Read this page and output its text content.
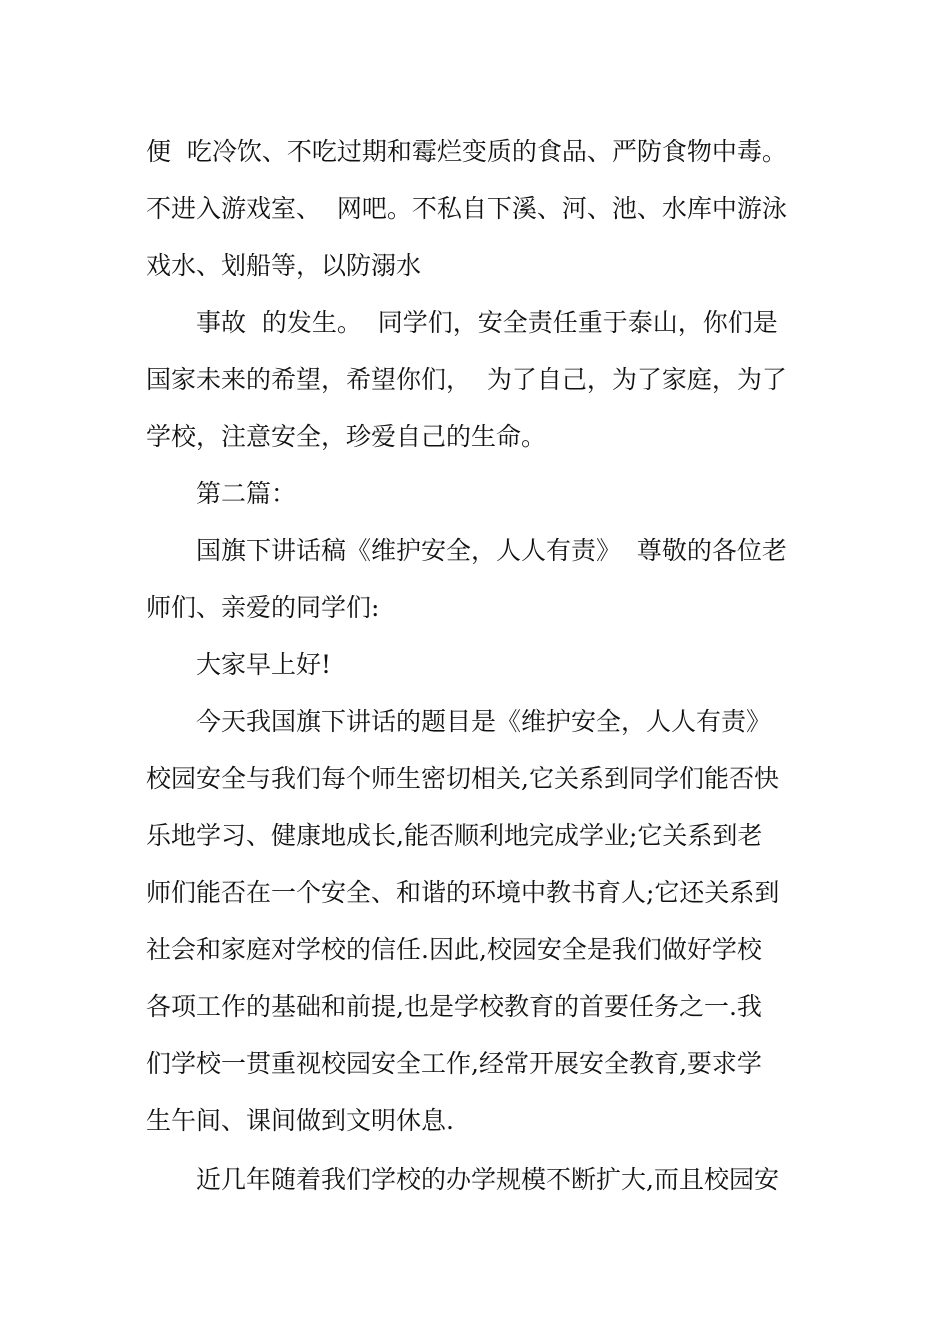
便  吃冷饮、不吃过期和霉烂变质的食品、严防食物中毒。
不进入游戏室、  网吧。不私自下溪、河、池、水库中游泳
戏水、划船等，以防溺水
事故  的发生。  同学们，安全责任重于泰山，你们是
国家未来的希望，希望你们，  为了自己，为了家庭，为了
学校，注意安全，珍爱自己的生命。
第二篇：
国旗下讲话稿《维护安全，人人有责》  尊敬的各位老
师们、亲爱的同学们:
大家早上好!
今天我国旗下讲话的题目是《维护安全，人人有责》
校园安全与我们每个师生密切相关,它关系到同学们能否快
乐地学习、健康地成长,能否顺利地完成学业;它关系到老
师们能否在一个安全、和谐的环境中教书育人;它还关系到
社会和家庭对学校的信任.因此,校园安全是我们做好学校
各项工作的基础和前提,也是学校教育的首要任务之一.我
们学校一贯重视校园安全工作,经常开展安全教育,要求学
生午间、课间做到文明休息.
近几年随着我们学校的办学规模不断扩大,而且校园安
